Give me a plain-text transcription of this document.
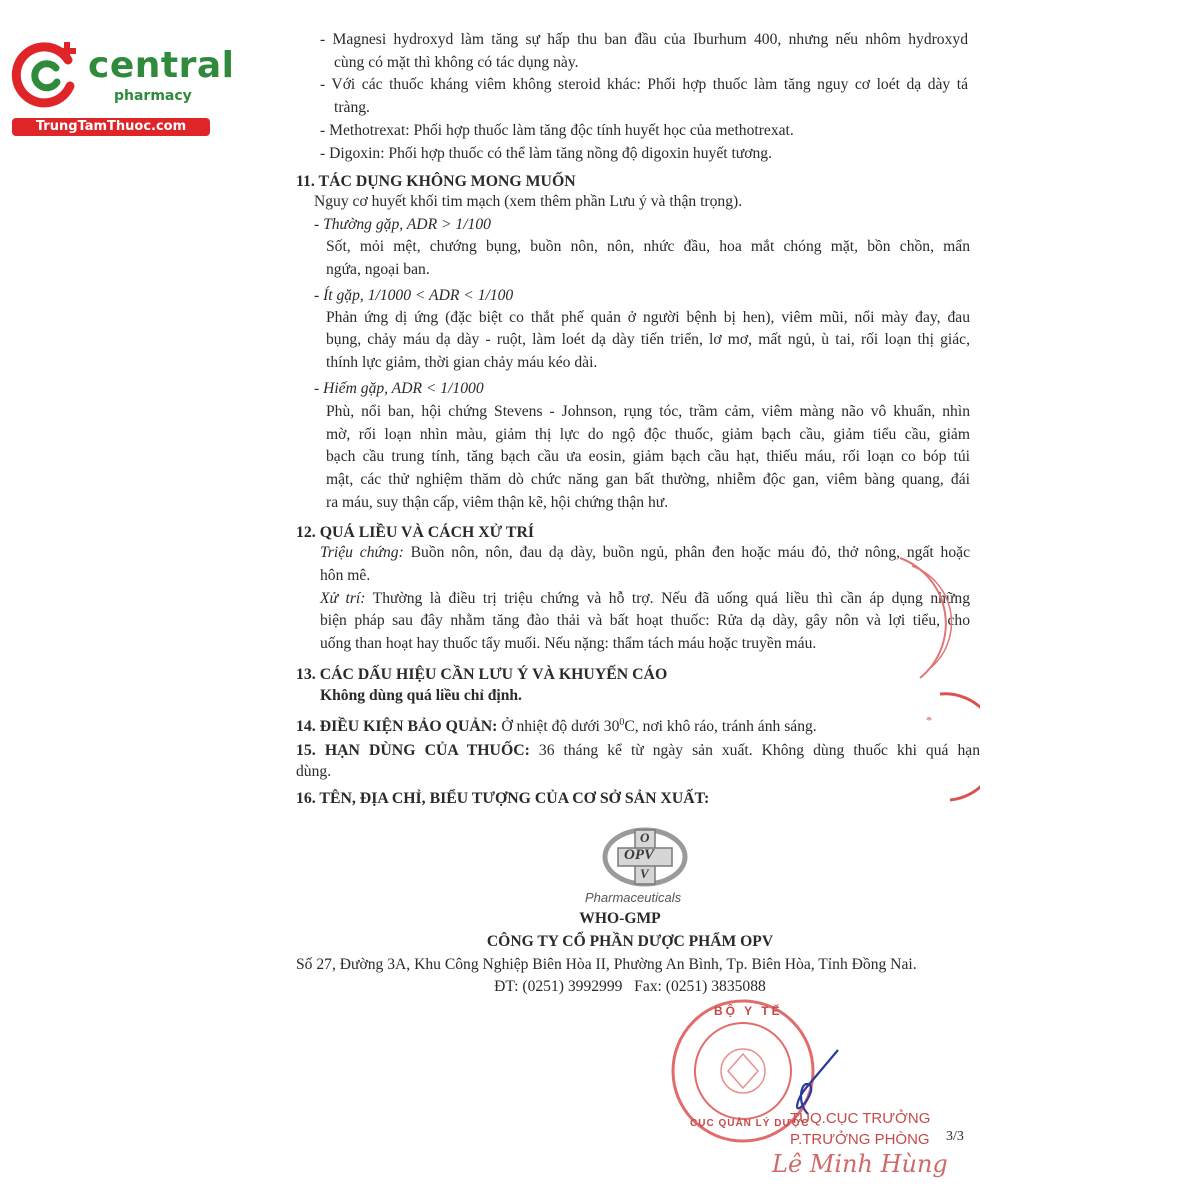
central
pharmacy
TrungTamThuoc.com
- Magnesi hydroxyd làm tăng sự hấp thu ban đầu của Iburhum 400, nhưng nếu nhôm hydroxyd
cùng có mặt thì không có tác dụng này.
- Với các thuốc kháng viêm không steroid khác: Phối hợp thuốc làm tăng nguy cơ loét dạ dày tá
tràng.
- Methotrexat: Phối hợp thuốc làm tăng độc tính huyết học của methotrexat.
- Digoxin: Phối hợp thuốc có thể làm tăng nồng độ digoxin huyết tương.
11. TÁC DỤNG KHÔNG MONG MUỐN
Nguy cơ huyết khối tim mạch (xem thêm phần Lưu ý và thận trọng).
- Thường gặp, ADR > 1/100
Sốt, mỏi mệt, chướng bụng, buồn nôn, nôn, nhức đầu, hoa mắt chóng mặt, bồn chồn, mẩn
ngứa, ngoại ban.
- Ít gặp, 1/1000 < ADR < 1/100
Phản ứng dị ứng (đặc biệt co thắt phế quản ở người bệnh bị hen), viêm mũi, nổi mày đay, đau
bụng, chảy máu dạ dày - ruột, làm loét dạ dày tiến triển, lơ mơ, mất ngủ, ù tai, rối loạn thị giác,
thính lực giảm, thời gian chảy máu kéo dài.
- Hiếm gặp, ADR < 1/1000
Phù, nổi ban, hội chứng Stevens - Johnson, rụng tóc, trầm cảm, viêm màng não vô khuẩn, nhìn
mờ, rối loạn nhìn màu, giảm thị lực do ngộ độc thuốc, giảm bạch cầu, giảm tiểu cầu, giảm
bạch cầu trung tính, tăng bạch cầu ưa eosin, giảm bạch cầu hạt, thiếu máu, rối loạn co bóp túi
mật, các thử nghiệm thăm dò chức năng gan bất thường, nhiễm độc gan, viêm bàng quang, đái
ra máu, suy thận cấp, viêm thận kẽ, hội chứng thận hư.
12. QUÁ LIỀU VÀ CÁCH XỬ TRÍ
Triệu chứng: Buồn nôn, nôn, đau dạ dày, buồn ngủ, phân đen hoặc máu đỏ, thở nông, ngất hoặc
hôn mê.
Xử trí: Thường là điều trị triệu chứng và hỗ trợ. Nếu đã uống quá liều thì cần áp dụng những
biện pháp sau đây nhằm tăng đào thải và bất hoạt thuốc: Rửa dạ dày, gây nôn và lợi tiểu, cho
uống than hoạt hay thuốc tẩy muối. Nếu nặng: thẩm tách máu hoặc truyền máu.
13. CÁC DẤU HIỆU CẦN LƯU Ý VÀ KHUYẾN CÁO
Không dùng quá liều chỉ định.
14. ĐIỀU KIỆN BẢO QUẢN: Ở nhiệt độ dưới $30^0C$, nơi khô ráo, tránh ánh sáng.
15. HẠN DÙNG CỦA THUỐC: 36 tháng kể từ ngày sản xuất. Không dùng thuốc khi quá hạn
dùng.
16. TÊN, ĐỊA CHỈ, BIỂU TƯỢNG CỦA CƠ SỞ SẢN XUẤT:
OPV
O
V
Pharmaceuticals
WHO-GMP
CÔNG TY CỔ PHẦN DƯỢC PHẨM OPV
Số 27, Đường 3A, Khu Công Nghiệp Biên Hòa II, Phường An Bình, Tp. Biên Hòa, Tỉnh Đồng Nai.
ĐT: (0251) 3992999   Fax: (0251) 3835088
*
BỘ Y TẾ
CỤC QUẢN LÝ DƯỢC
TUQ.CỤC TRƯỞNG
P.TRƯỞNG PHÒNG
Lê Minh Hùng
3/3
